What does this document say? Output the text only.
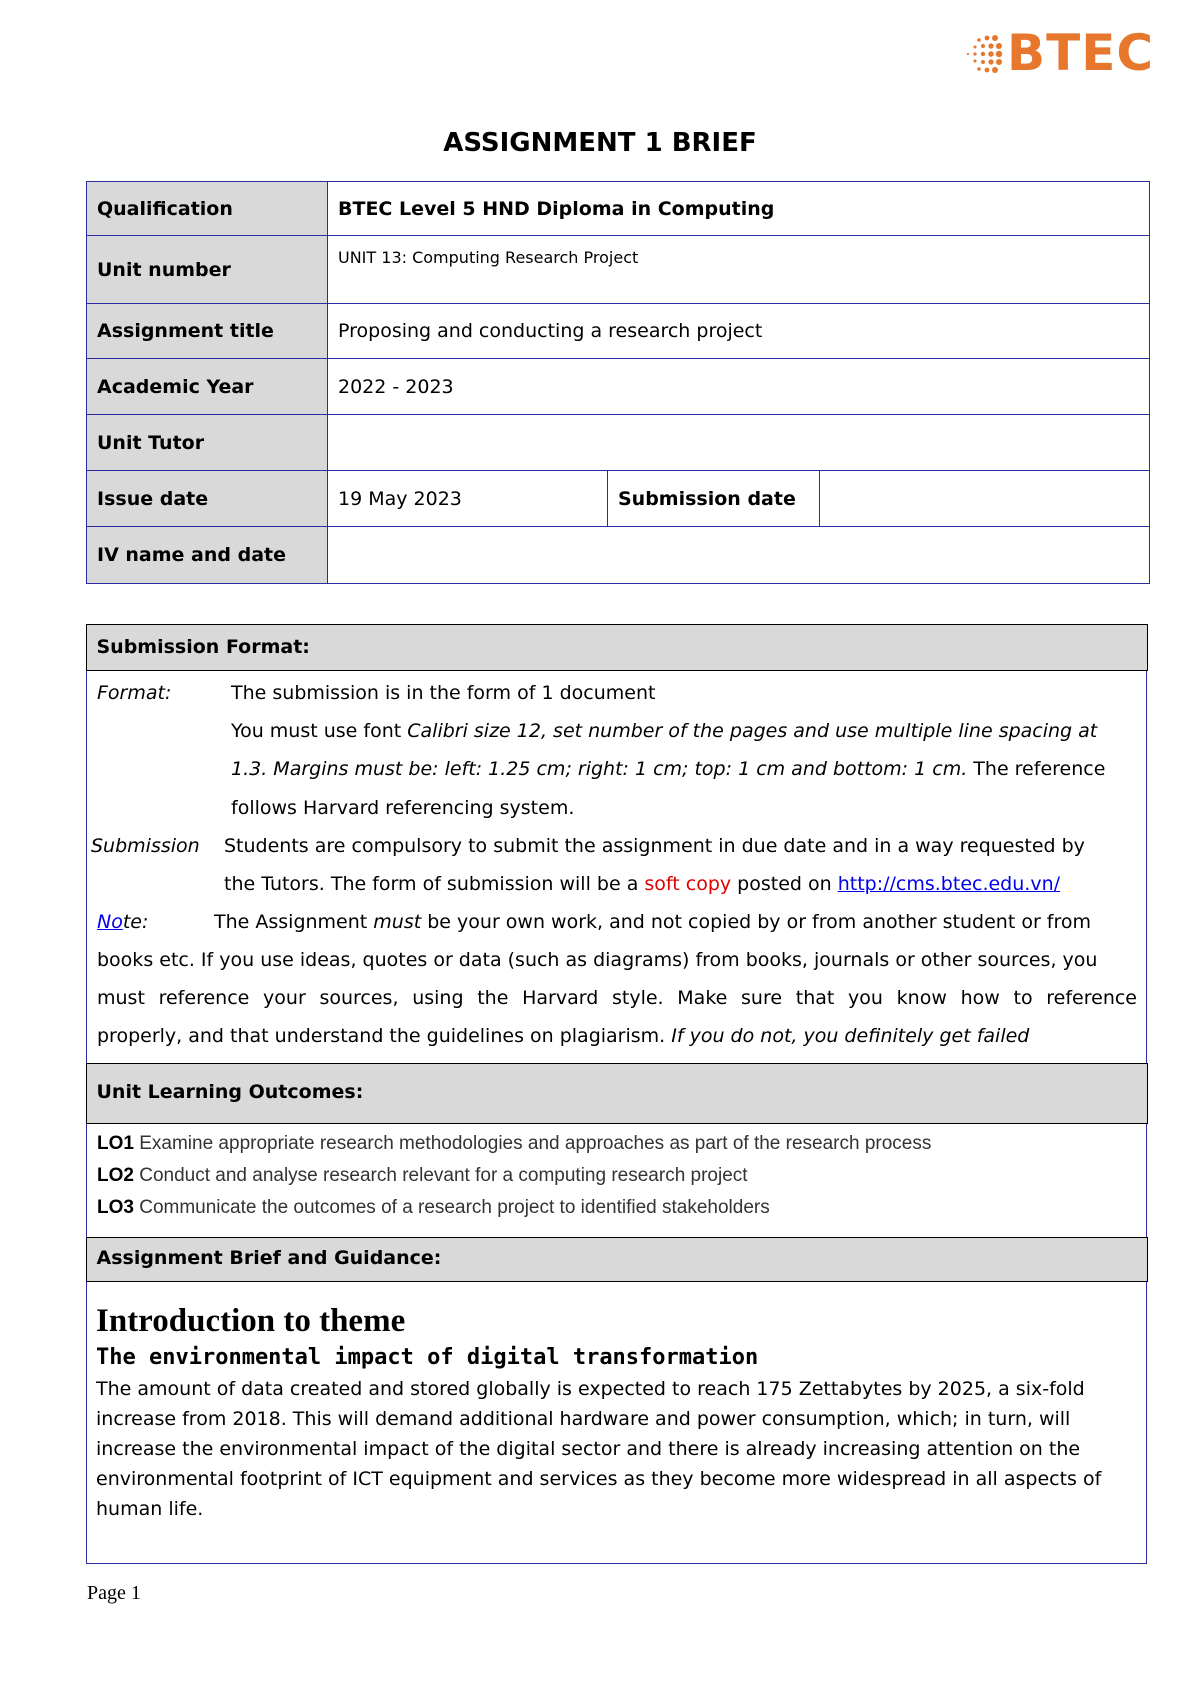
BTEC
ASSIGNMENT 1 BRIEF
Qualification	BTEC Level 5 HND Diploma in Computing		
Unit number	UNIT 13: Computing Research Project		
Assignment title	Proposing and conducting a research project		
Academic Year	2022 - 2023		
Unit Tutor			
Issue date	19 May 2023	Submission date	
IV name and date			
Submission Format:
Format:	The submission is in the form of 1 document
You must use font Calibri size 12, set number of the pages and use multiple line spacing at
1.3. Margins must be: left: 1.25 cm; right: 1 cm; top: 1 cm and bottom: 1 cm. The reference
follows Harvard referencing system.
Submission Students are compulsory to submit the assignment in due date and in a way requested by
the Tutors. The form of submission will be a soft copy posted on http://cms.btec.edu.vn/
Note:	The Assignment must be your own work, and not copied by or from another student or from
books etc. If you use ideas, quotes or data (such as diagrams) from books, journals or other sources, you
must reference your sources, using the Harvard style. Make sure that you know how to reference
properly, and that understand the guidelines on plagiarism. If you do not, you definitely get failed
Unit Learning Outcomes:
LO1 Examine appropriate research methodologies and approaches as part of the research process
LO2 Conduct and analyse research relevant for a computing research project
LO3 Communicate the outcomes of a research project to identified stakeholders
Assignment Brief and Guidance:
Introduction to theme
The environmental impact of digital transformation
The amount of data created and stored globally is expected to reach 175 Zettabytes by 2025, a six-fold increase from 2018. This will demand additional hardware and power consumption, which; in turn, will increase the environmental impact of the digital sector and there is already increasing attention on the environmental footprint of ICT equipment and services as they become more widespread in all aspects of human life.
Page 1
